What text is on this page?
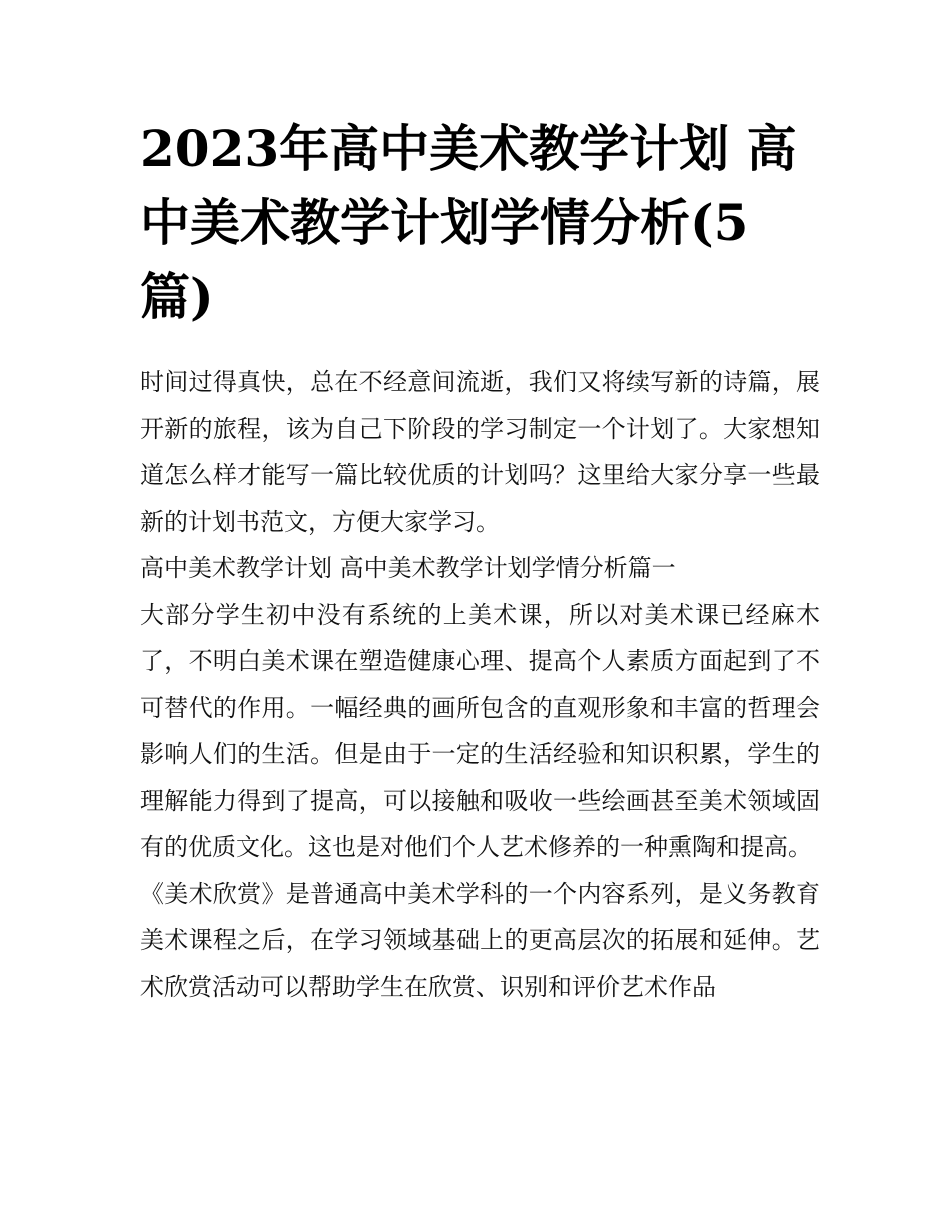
2023年高中美术教学计划 高中美术教学计划学情分析(5篇)

时间过得真快，总在不经意间流逝，我们又将续写新的诗篇，展开新的旅程，该为自己下阶段的学习制定一个计划了。大家想知道怎么样才能写一篇比较优质的计划吗？这里给大家分享一些最新的计划书范文，方便大家学习。

高中美术教学计划 高中美术教学计划学情分析篇一

大部分学生初中没有系统的上美术课，所以对美术课已经麻木了，不明白美术课在塑造健康心理、提高个人素质方面起到了不可替代的作用。一幅经典的画所包含的直观形象和丰富的哲理会影响人们的生活。但是由于一定的生活经验和知识积累，学生的理解能力得到了提高，可以接触和吸收一些绘画甚至美术领域固有的优质文化。这也是对他们个人艺术修养的一种熏陶和提高。

《美术欣赏》是普通高中美术学科的一个内容系列，是义务教育美术课程之后，在学习领域基础上的更高层次的拓展和延伸。艺术欣赏活动可以帮助学生在欣赏、识别和评价艺术作品
